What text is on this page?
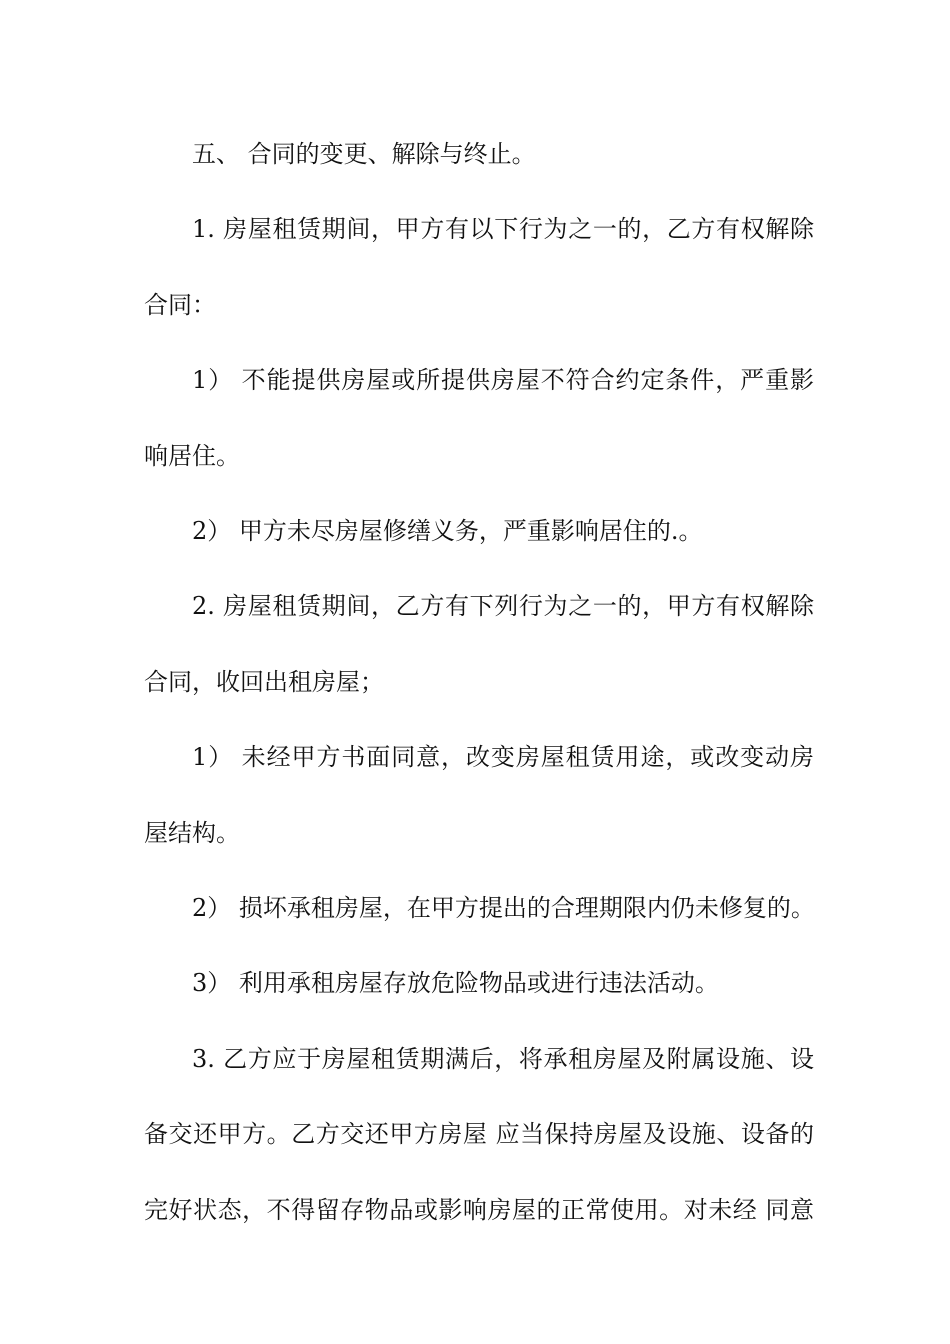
五、 合同的变更、解除与终止。
1. 房屋租赁期间，甲方有以下行为之一的，乙方有权解除
合同：
1） 不能提供房屋或所提供房屋不符合约定条件，严重影
响居住。
2） 甲方未尽房屋修缮义务，严重影响居住的.。
2. 房屋租赁期间，乙方有下列行为之一的，甲方有权解除
合同，收回出租房屋；
1） 未经甲方书面同意，改变房屋租赁用途，或改变动房
屋结构。
2） 损坏承租房屋，在甲方提出的合理期限内仍未修复的。
3） 利用承租房屋存放危险物品或进行违法活动。
3. 乙方应于房屋租赁期满后，将承租房屋及附属设施、设
备交还甲方。乙方交还甲方房屋 应当保持房屋及设施、设备的
完好状态，不得留存物品或影响房屋的正常使用。对未经 同意
